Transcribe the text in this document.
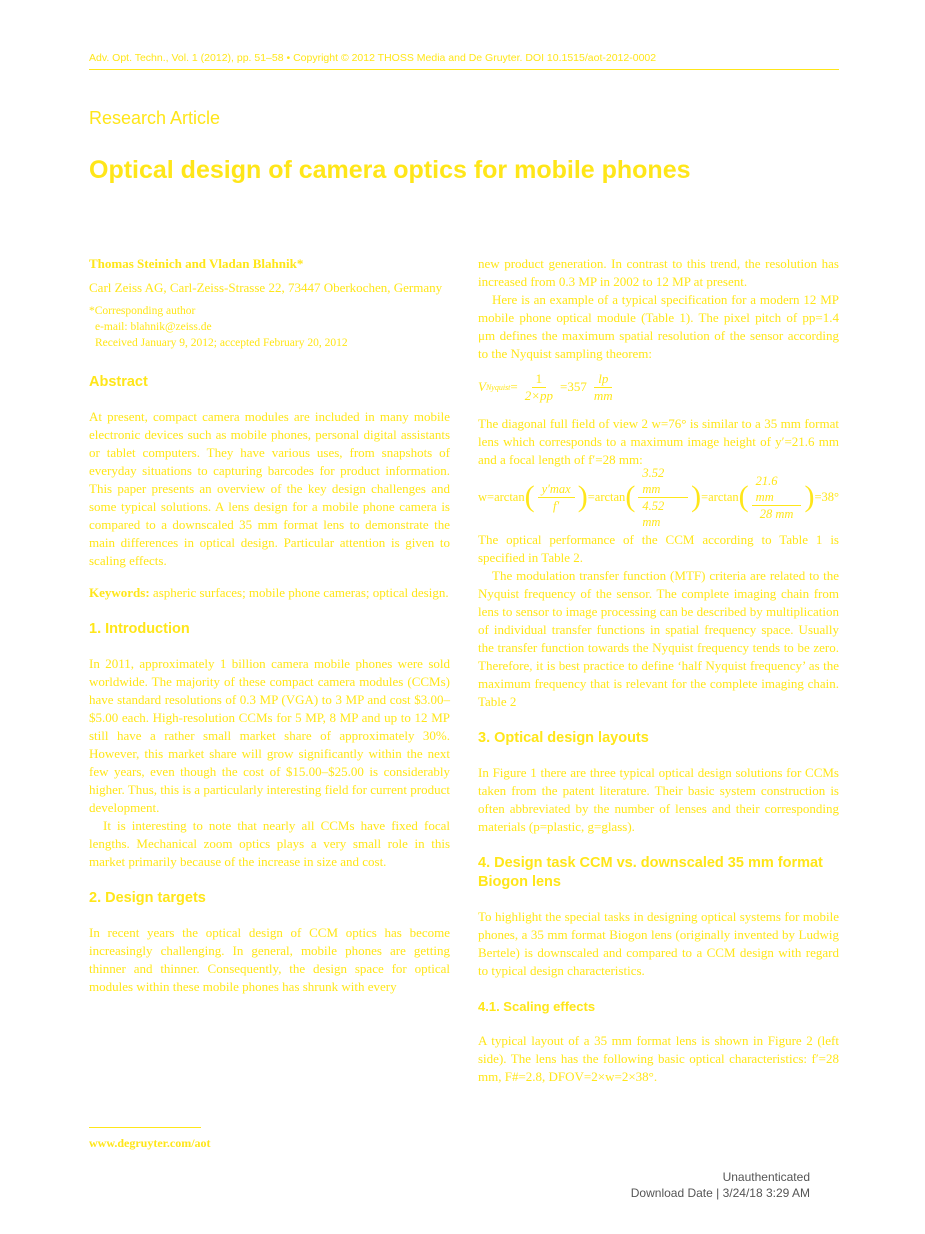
Adv. Opt. Techn., Vol. 1 (2012), pp. 51–58 • Copyright © 2012 THOSS Media and De Gruyter. DOI 10.1515/aot-2012-0002
Research Article
Optical design of camera optics for mobile phones
Thomas Steinich and Vladan Blahnik*

Carl Zeiss AG, Carl-Zeiss-Strasse 22, 73447 Oberkochen, Germany

*Corresponding author
e-mail: blahnik@zeiss.de
Received January 9, 2012; accepted February 20, 2012
Abstract

At present, compact camera modules are included in many mobile electronic devices such as mobile phones, personal digital assistants or tablet computers. They have various uses, from snapshots of everyday situations to capturing barcodes for product information. This paper presents an overview of the key design challenges and some typical solutions. A lens design for a mobile phone camera is compared to a downscaled 35 mm format lens to demonstrate the main differences in optical design. Particular attention is given to scaling effects.

Keywords: aspheric surfaces; mobile phone cameras; optical design.

1. Introduction

In 2011, approximately 1 billion camera mobile phones were sold worldwide. The majority of these compact camera modules (CCMs) have standard resolutions of 0.3 MP (VGA) to 3 MP and cost $3.00–$5.00 each. High-resolution CCMs for 5 MP, 8 MP and up to 12 MP still have a rather small market share of approximately 30%. However, this market share will grow significantly within the next few years, even though the cost of $15.00–$25.00 is considerably higher. Thus, this is a particularly interesting field for current product development.

It is interesting to note that nearly all CCMs have fixed focal lengths. Mechanical zoom optics plays a very small role in this market primarily because of the increase in size and cost.

2. Design targets

In recent years the optical design of CCM optics has become increasingly challenging. In general, mobile phones are getting thinner and thinner. Consequently, the design space for optical modules within these mobile phones has shrunk with every

new product generation. In contrast to this trend, the resolution has increased from 0.3 MP in 2002 to 12 MP at present.

Here is an example of a typical specification for a modern 12 MP mobile phone optical module (Table 1). The pixel pitch of pp=1.4 μm defines the maximum spatial resolution of the sensor according to the Nyquist sampling theorem:

V Nyquist = $\frac{1}{2\times pp} =357 \frac{lp}{mm}$

The diagonal full field of view 2 w=76° is similar to a 35 mm format lens which corresponds to a maximum image height of y′=21.6 mm and a focal length of f′=28 mm:

w=arctan ( $\frac{y'\max}{f'}$ ) =arctan ( $\frac{3.52 mm}{4.52 mm}$ ) =arctan ( $\frac{21.6 mm}{28 mm}$ ) =38°

The optical performance of the CCM according to Table 1 is specified in Table 2.

The modulation transfer function (MTF) criteria are related to the Nyquist frequency of the sensor. The complete imaging chain from lens to sensor to image processing can be described by multiplication of individual transfer functions in spatial frequency space. Usually the transfer function towards the Nyquist frequency tends to be zero. Therefore, it is best practice to define ‘half Nyquist frequency’ as the maximum frequency that is relevant for the complete imaging chain. Table 2

3. Optical design layouts

In Figure 1 there are three typical optical design solutions for CCMs taken from the patent literature. Their basic system construction is often abbreviated by the number of lenses and their corresponding materials (p=plastic, g=glass).

4. Design task CCM vs. downscaled 35 mm format Biogon lens

To highlight the special tasks in designing optical systems for mobile phones, a 35 mm format Biogon lens (originally invented by Ludwig Bertele) is downscaled and compared to a CCM design with regard to typical design characteristics.

4.1. Scaling effects

A typical layout of a 35 mm format lens is shown in Figure 2 (left side). The lens has the following basic optical characteristics: f′=28 mm, F#=2.8, DFOV=2×w=2×38°.

www.degruyter.com/aot
Unauthenticated
Download Date | 3/24/18 3:29 AM
